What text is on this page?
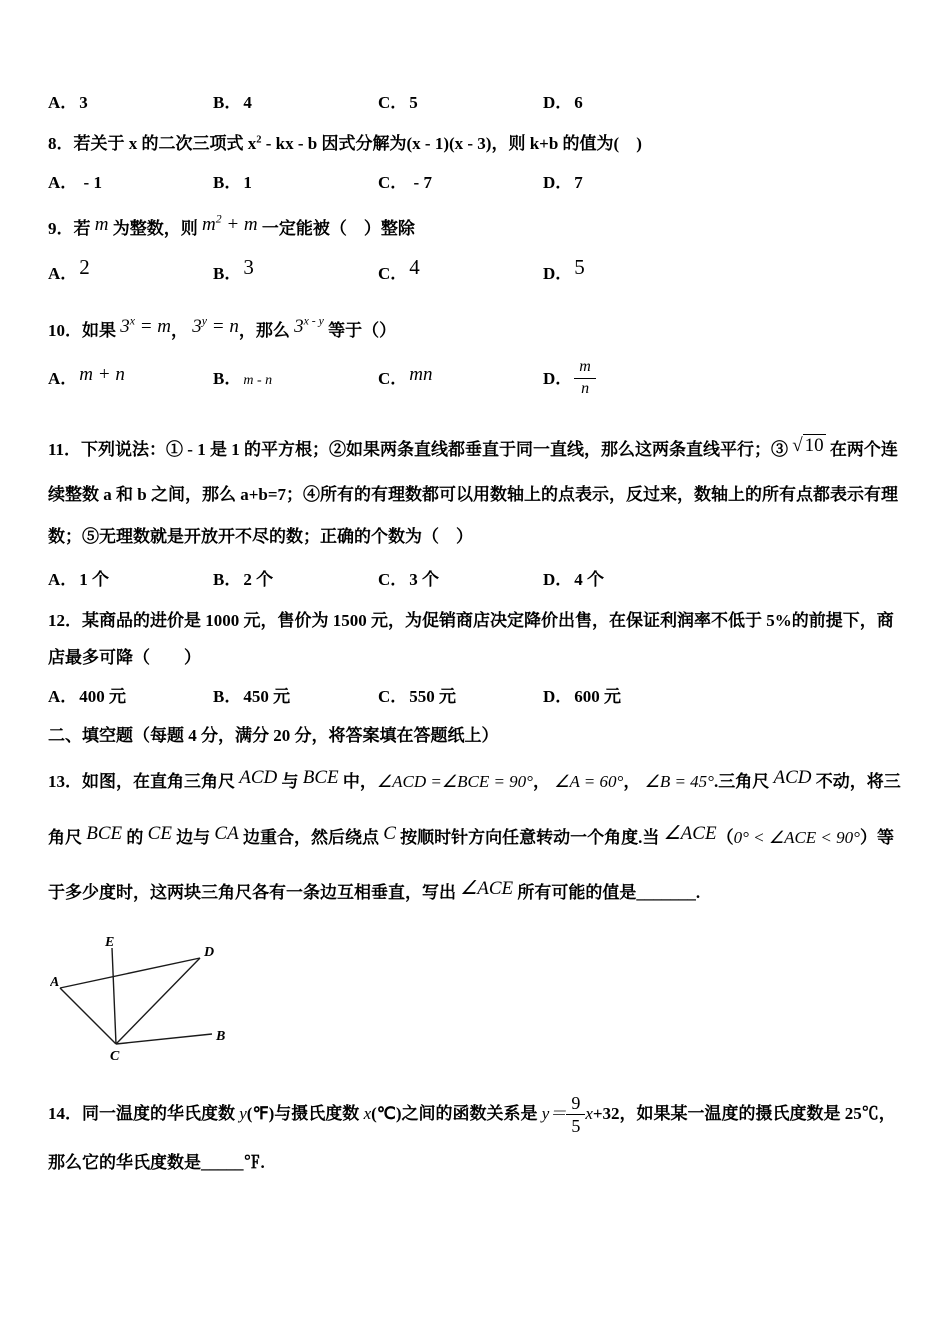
A． 3	B． 4	C． 5	D． 6

8．若关于 x 的二次三项式 $x^2$ - kx - b 因式分解为(x - 1)(x - 3)，则 k+b 的值为(　)

A． - 1	B． 1	C． - 7	D． 7

9．若 m 为整数，则 $m^2 + m$ 一定能被（　）整除

A．2	B．3	C．4	D．5

10．如果 $3^x = m$， $3^y = n$，那么 3$^{x - y}$ 等于（）

A． m + n	B． m - n	C． mn	D． $\frac{m}{n}$

11．下列说法：① - 1 是 1 的平方根；②如果两条直线都垂直于同一直线，那么这两条直线平行；③ √ 10 在两个连续整数 a 和 b 之间，那么 a+b=7；④所有的有理数都可以用数轴上的点表示，反过来，数轴上的所有点都表示有理数；⑤无理数就是开放开不尽的数；正确的个数为（　）

A． 1 个	B． 2 个	C． 3 个	D． 4 个

12．某商品的进价是 1000 元，售价为 1500 元，为促销商店决定降价出售，在保证利润率不低于 5%的前提下，商店最多可降（　　）

A． 400 元	B． 450 元	C． 550 元	D． 600 元

二、填空题（每题 4 分，满分 20 分，将答案填在答题纸上）

13．如图，在直角三角尺 ACD 与 BCE 中，∠ACD =∠BCE = 90°， ∠A = 60°， ∠B = 45°.三角尺 ACD 不动，将三角尺 BCE 的 CE 边与 CA 边重合，然后绕点 C 按顺时针方向任意转动一个角度.当 ∠ACE（0° < ∠ACE < 90°）等于多少度时，这两块三角尺各有一条边互相垂直，写出 ∠ACE 所有可能的值是_______.

E
D
A
C
B

14．同一温度的华氏度数 y(℉)与摄氏度数 x(℃)之间的函数关系是 $y= \frac{9}{5} x+32$，如果某一温度的摄氏度数是 25℃，那么它的华氏度数是_____℉.
